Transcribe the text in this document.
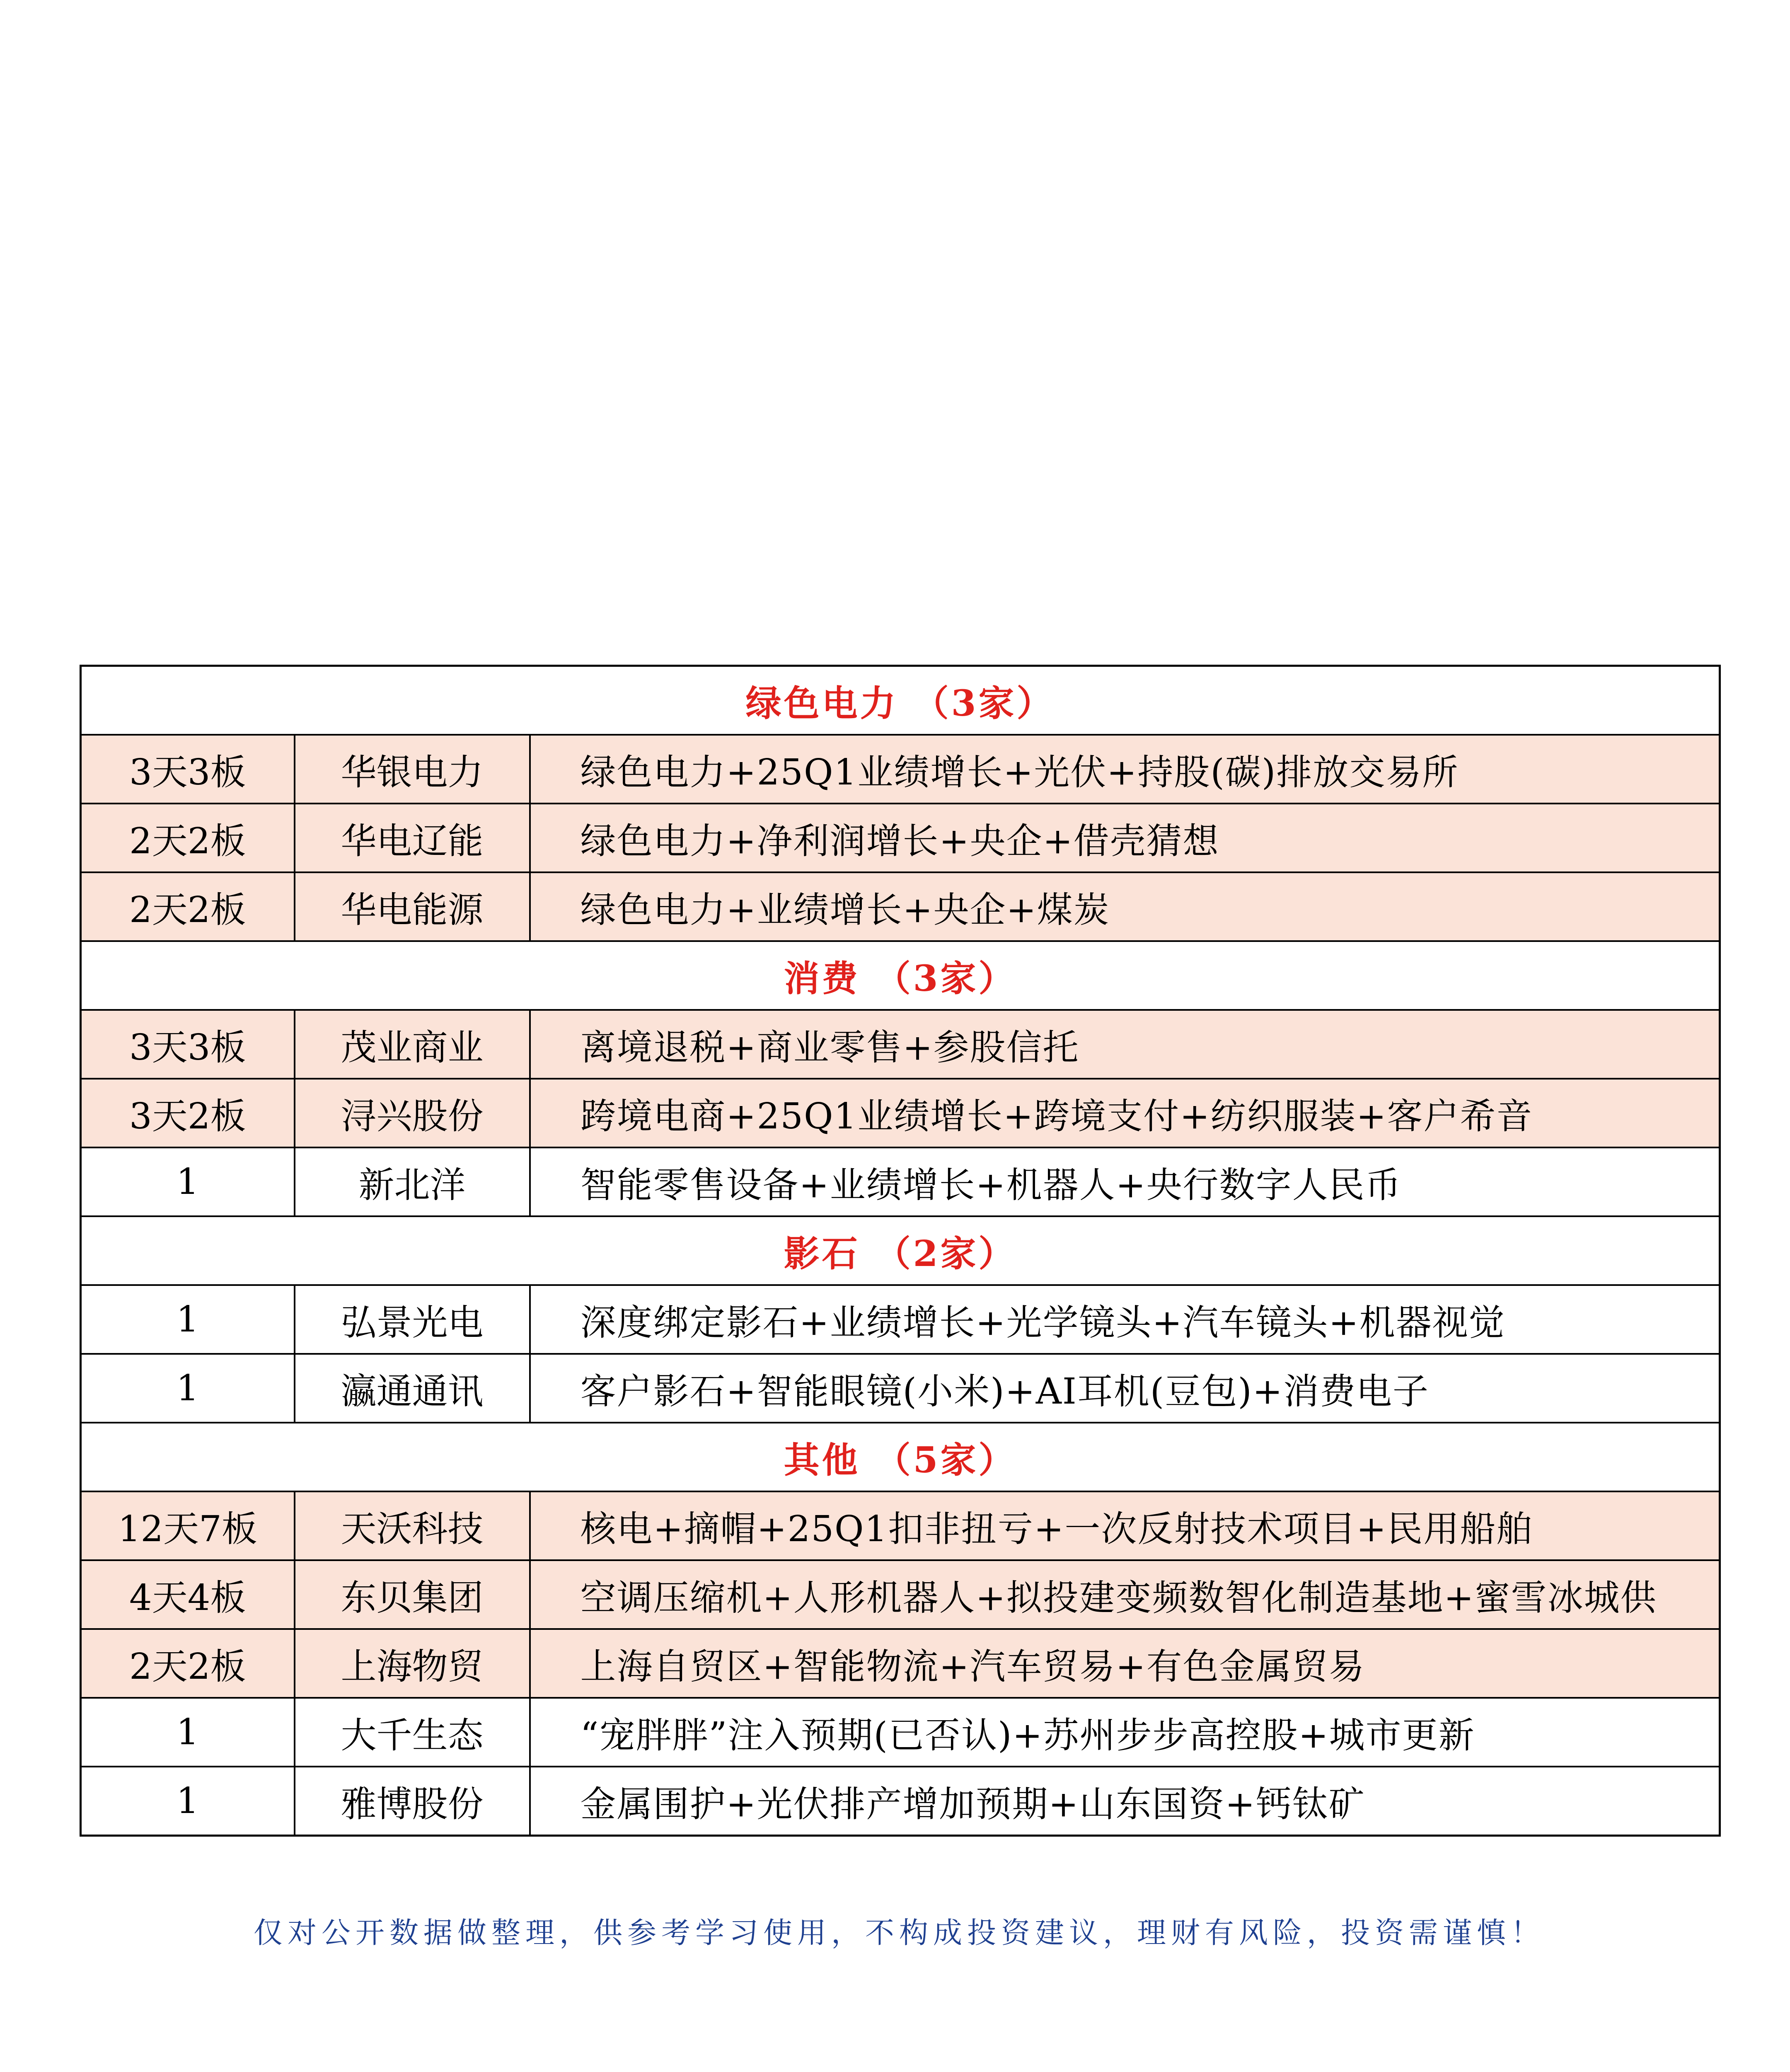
绿色电力 （3家）		
3天3板	华银电力	绿色电力+25Q1业绩增长+光伏+持股(碳)排放交易所
2天2板	华电辽能	绿色电力+净利润增长+央企+借壳猜想
2天2板	华电能源	绿色电力+业绩增长+央企+煤炭
消费 （3家）		
3天3板	茂业商业	离境退税+商业零售+参股信托
3天2板	浔兴股份	跨境电商+25Q1业绩增长+跨境支付+纺织服装+客户希音
1	新北洋	智能零售设备+业绩增长+机器人+央行数字人民币
影石 （2家）		
1	弘景光电	深度绑定影石+业绩增长+光学镜头+汽车镜头+机器视觉
1	瀛通通讯	客户影石+智能眼镜(小米)+AI耳机(豆包)+消费电子
其他 （5家）		
12天7板	天沃科技	核电+摘帽+25Q1扣非扭亏+一次反射技术项目+民用船舶
4天4板	东贝集团	空调压缩机+人形机器人+拟投建变频数智化制造基地+蜜雪冰城供
2天2板	上海物贸	上海自贸区+智能物流+汽车贸易+有色金属贸易
1	大千生态	“宠胖胖”注入预期(已否认)+苏州步步高控股+城市更新
1	雅博股份	金属围护+光伏排产增加预期+山东国资+钙钛矿
仅对公开数据做整理，供参考学习使用，不构成投资建议，理财有风险，投资需谨慎！
